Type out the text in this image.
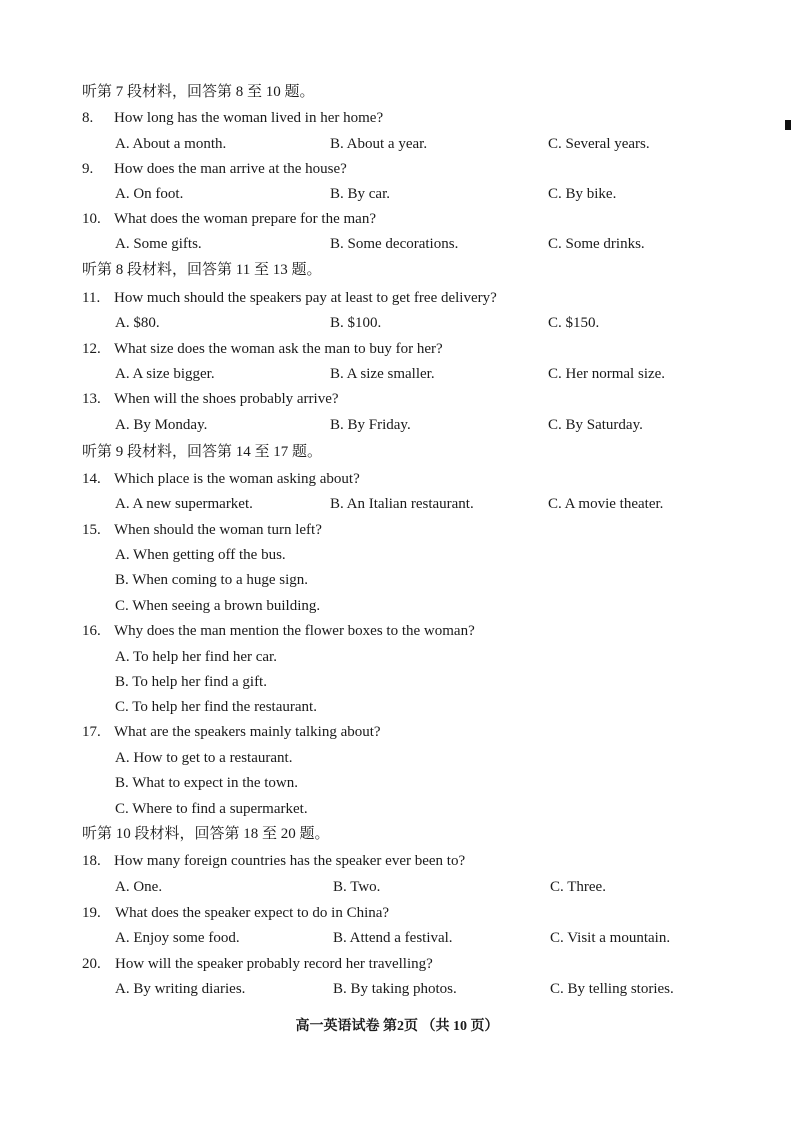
听第 7 段材料，回答第 8 至 10 题。
8. How long has the woman lived in her home?
A. About a month.	B. About a year.	C. Several years.
9. How does the man arrive at the house?
A. On foot.	B. By car.	C. By bike.
10. What does the woman prepare for the man?
A. Some gifts.	B. Some decorations.	C. Some drinks.
听第 8 段材料，回答第 11 至 13 题。
11. How much should the speakers pay at least to get free delivery?
A. $80.	B. $100.	C. $150.
12. What size does the woman ask the man to buy for her?
A. A size bigger.	B. A size smaller.	C. Her normal size.
13. When will the shoes probably arrive?
A. By Monday.	B. By Friday.	C. By Saturday.
听第 9 段材料，回答第 14 至 17 题。
14. Which place is the woman asking about?
A. A new supermarket.	B. An Italian restaurant.	C. A movie theater.
15. When should the woman turn left?
A. When getting off the bus.
B. When coming to a huge sign.
C. When seeing a brown building.
16. Why does the man mention the flower boxes to the woman?
A. To help her find her car.
B. To help her find a gift.
C. To help her find the restaurant.
17. What are the speakers mainly talking about?
A. How to get to a restaurant.
B. What to expect in the town.
C. Where to find a supermarket.
听第 10 段材料，回答第 18 至 20 题。
18. How many foreign countries has the speaker ever been to?
A. One.	B. Two.	C. Three.
19. What does the speaker expect to do in China?
A. Enjoy some food.	B. Attend a festival.	C. Visit a mountain.
20. How will the speaker probably record her travelling?
A. By writing diaries.	B. By taking photos.	C. By telling stories.
高一英语试卷 第2页 （共 10 页）
